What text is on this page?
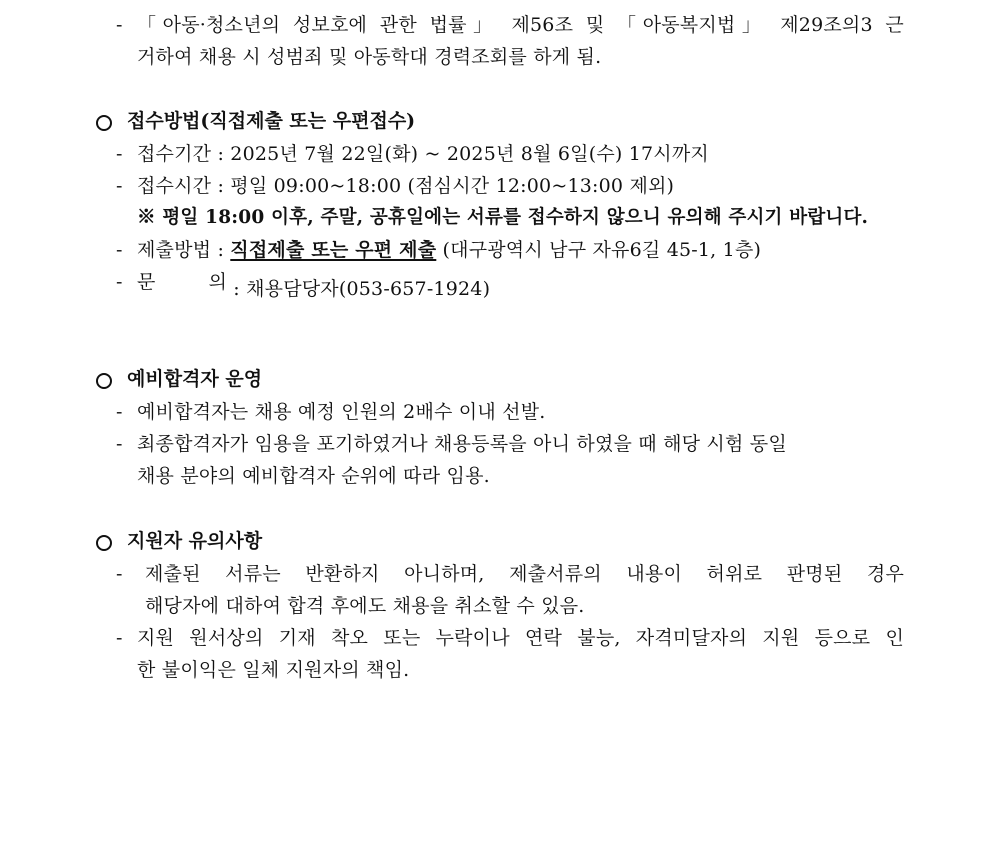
- 「아동·청소년의 성보호에 관한 법률」 제56조 및 「아동복지법」 제29조의3 근
거하여 채용 시 성범죄 및 아동학대 경력조회를 하게 됨.
접수방법(직접제출 또는 우편접수)
- 접수기간 : 2025년 7월 22일(화) ~ 2025년 8월 6일(수) 17시까지
- 접수시간 : 평일 09:00~18:00 (점심시간 12:00~13:00 제외)
※ 평일 18:00 이후, 주말, 공휴일에는 서류를 접수하지 않으니 유의해 주시기 바랍니다.
- 제출방법 : 직접제출 또는 우편 제출 (대구광역시 남구 자유6길 45-1, 1층)
- 문	의 : 채용담당자(053-657-1924)
예비합격자 운영
- 예비합격자는 채용 예정 인원의 2배수 이내 선발.
- 최종합격자가 임용을 포기하였거나 채용등록을 아니 하였을 때 해당 시험 동일
채용 분야의 예비합격자 순위에 따라 임용.
지원자 유의사항
- 제출된 서류는 반환하지 아니하며, 제출서류의 내용이 허위로 판명된 경우
해당자에 대하여 합격 후에도 채용을 취소할 수 있음.
- 지원 원서상의 기재 착오 또는 누락이나 연락 불능, 자격미달자의 지원 등으로 인
한 불이익은 일체 지원자의 책임.
